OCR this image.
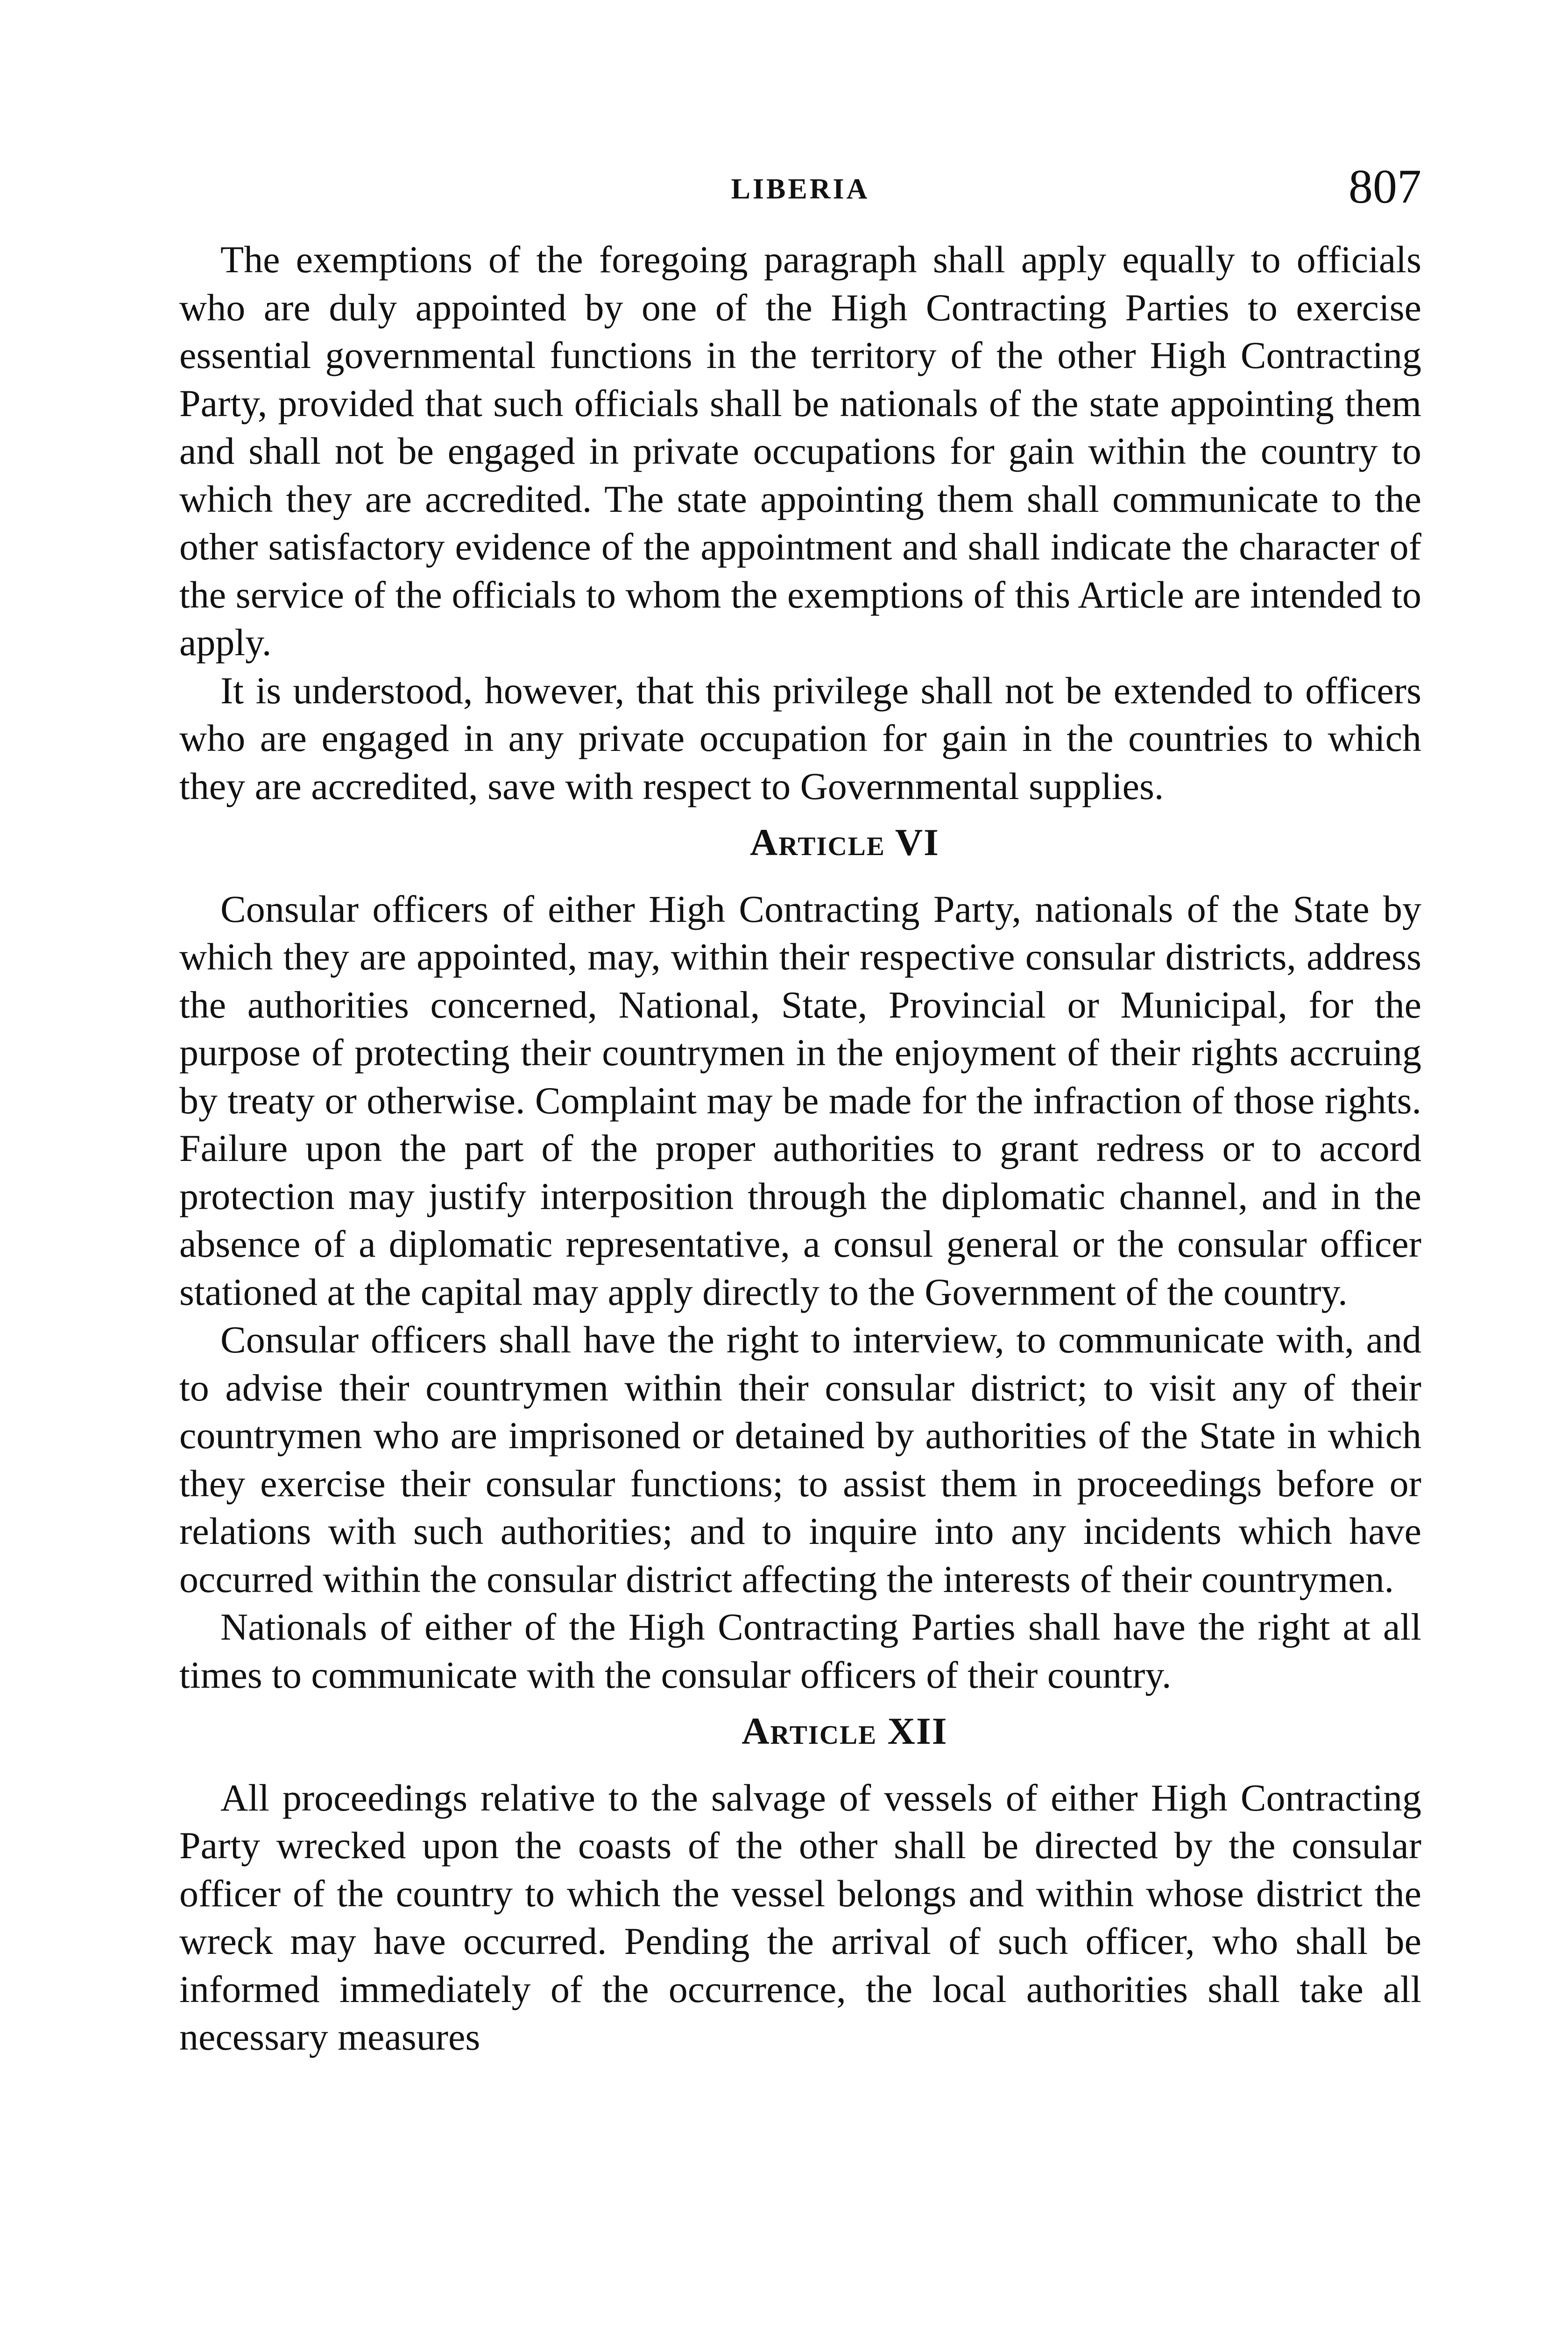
LIBERIA	807

The exemptions of the foregoing paragraph shall apply equally to officials who are duly appointed by one of the High Contracting Parties to exercise essential governmental functions in the territory of the other High Contracting Party, provided that such officials shall be nationals of the state appointing them and shall not be engaged in private occupations for gain within the country to which they are accredited. The state appointing them shall communicate to the other satisfactory evidence of the appointment and shall indicate the character of the service of the officials to whom the exemptions of this Article are intended to apply.

It is understood, however, that this privilege shall not be extended to officers who are engaged in any private occupation for gain in the countries to which they are accredited, save with respect to Governmental supplies.

Article VI

Consular officers of either High Contracting Party, nationals of the State by which they are appointed, may, within their respective consular districts, address the authorities concerned, National, State, Provincial or Municipal, for the purpose of protecting their countrymen in the enjoyment of their rights accruing by treaty or otherwise. Complaint may be made for the infraction of those rights. Failure upon the part of the proper authorities to grant redress or to accord protection may justify interposition through the diplomatic channel, and in the absence of a diplomatic representative, a consul general or the consular officer stationed at the capital may apply directly to the Government of the country.

Consular officers shall have the right to interview, to communicate with, and to advise their countrymen within their consular district; to visit any of their countrymen who are imprisoned or detained by authorities of the State in which they exercise their consular functions; to assist them in proceedings before or relations with such authorities; and to inquire into any incidents which have occurred within the consular district affecting the interests of their countrymen.

Nationals of either of the High Contracting Parties shall have the right at all times to communicate with the consular officers of their country.

Article XII

All proceedings relative to the salvage of vessels of either High Contracting Party wrecked upon the coasts of the other shall be directed by the consular officer of the country to which the vessel belongs and within whose district the wreck may have occurred. Pending the arrival of such officer, who shall be informed immediately of the occurrence, the local authorities shall take all necessary measures
